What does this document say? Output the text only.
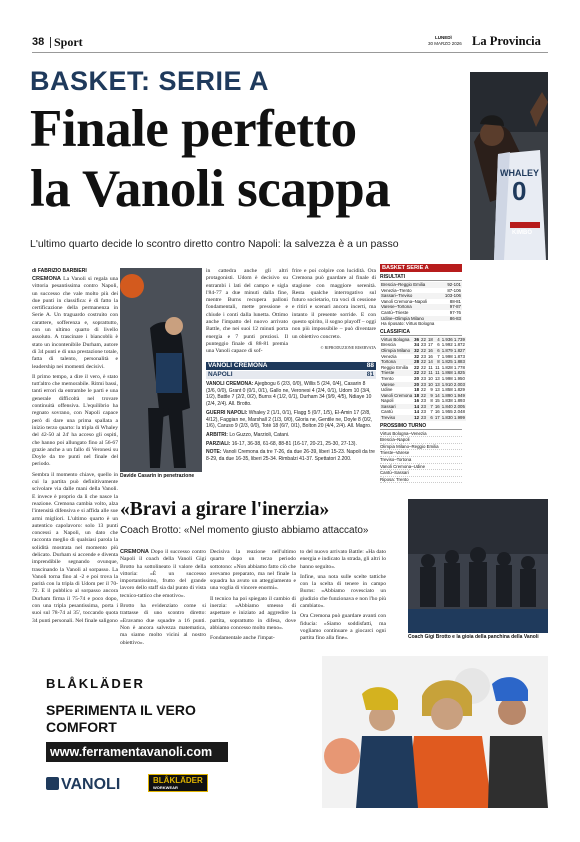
38 Sport	LUNEDÌ
30 MARZO 2026 La Provincia
BASKET: SERIE A
Finale perfetto
la Vanoli scappa
L'ultimo quarto decide lo scontro diretto contro Napoli: la salvezza è a un passo
WHALEY
0
KIMBO
di FABRIZIO BARBIERI

CREMONA La Vanoli si regala una vittoria pesantissima contro Napoli, un successo che vale molto più dei due punti in classifica: è di fatto la certificazione della permanenza in Serie A. Un traguardo costruito con carattere, sofferenza e, soprattutto, con un ultimo quarto di livello assoluto. A trascinare i biancoblù è stato un incontenibile Durham, autore di 34 punti e di una prestazione totale, fatta di talento, personalità e leadership nei momenti decisivi.

Il primo tempo, a dire il vero, è stato tutt'altro che memorabile. Ritmi bassi, tanti errori da entrambe le parti e una generale difficoltà nel trovare continuità offensiva. L'equilibrio ha regnato sovrano, con Napoli capace però di dare una prima spallata a inizio terzo quarto: la tripla di Whaley del 42-50 al 24' ha acceso gli ospiti, che hanno poi allungato fino al 56-67 grazie anche a un fallo di Veronesi su Doyle da tre punti nel finale del periodo.

Sembra il momento chiave, quello in cui la partita può definitivamente scivolare via dalle mani della Vanoli. E invece è proprio da lì che nasce la reazione. Cremona cambia volto, alza l'intensità difensiva e si affida alle sue armi migliori. L'ultimo quarto è un autentico capolavoro: solo 13 punti concessi a Napoli, un dato che racconta meglio di qualsiasi parola la solidità mostrata nel momento più delicato. Durham si accende e diventa imprendibile segnando ovunque, trascinando la Vanoli al sorpasso. La Vanoli torna fino al -2 e poi trova la parità con la tripla di Udom per il 70-72. E il pubblico al sorpasso ancora Durham firma il 75-74 e poco dopo, con una tripla pesantissima, porta i suoi sul 78-74 al 35', toccando quota 34 punti personali. Nel finale saligono

Davide Casarin in penetrazione

in cattedra anche gli altri protagonisti. Udom è decisivo su entrambi i lati del campo e sigla l'84-77 a due minuti dalla fine, mentre Burns recupera palloni fondamentali, mette pressione e chiude i conti dalla lunetta. Ottimo anche l'impatto del nuovo arrivato Battle, che nei suoi 12 minuti porta energia e 7 punti preziosi. Il punteggio finale di 88-81 premia una Vanoli capace di sof-

frire e poi colpire con lucidità. Ora Cremona può guardare al finale di stagione con maggiore serenità. Resta qualche interrogativo sul futuro societario, tra voci di cessione e ritiri e scenari ancora incerti, ma intanto il presente sorride. E con questo spirito, il sogno playoff – oggi non più impossibile – può diventare un obiettivo concreto.

© RIPRODUZIONE RISERVATA

VANOLI CREMONA	88
NAPOLI	81

VANOLI CREMONA: Ajegbogu 6 (2/3, 0/0), Willis 5 (2/4, 0/4), Casarin 8 (3/6, 0/0), Grant 0 (0/1, 0/1), Gallo ne, Veronesi 4 (2/4, 0/1), Udom 10 (3/4, 1/2), Battle 7 (2/2, 0/2), Burns 4 (1/2, 0/1), Durham 34 (9/9, 4/5), Ndiaye 10 (2/4, 2/4). All. Brotto.

GUERRI NAPOLI: Whaley 2 (1/1, 0/1), Flagg 5 (0/7, 1/5), El-Amin 17 (2/8, 4/12), Faggian ne, Marshall 2 (1/3, 0/0), Gloria ne, Gentile ne, Doyle 8 (0/2, 1/6), Caruso 9 (2/3, 0/0), Totè 18 (6/7, 0/1), Bolton 20 (4/4, 2/4). All. Magro.

ARBITRI: Lo Guzzo, Marzioli, Catani.

PARZIALI: 16-17, 36-38, 61-68, 88-81 (16-17, 20-21, 25-30, 27-13).

NOTE: Vanoli Cremona da tre 7-26, da due 26-39, liberi 15-23. Napoli da tre 8-29, da due 16-35, liberi 25-34. Rimbalzi 41-37. Spettatori 2.200.

BASKET SERIE A
RISULTATI
Brescia–Reggio Emilia	92-101
Venezia–Trento	87-106
Sassari–Treviso	103-106
Vanoli Cremona–Napoli	88-81
Varese–Tortona	97-87
Cantù–Trieste	97-76
Udine–Olimpia Milano	86-83
Ha riposato: Virtus Bologna	
CLASSIFICA
Virtus Bologna	36	22	18	4	1.936 1.739
Brescia	34	23	17	6	1.992 1.872
Olimpia Milano	32	22	16	6	1.879 1.827
Venezia	32	23	16	7	1.998 1.873
Tortona	28	22	14	8	1.825 1.883
Reggio Emilia	22	22	11	11	1.828 1.778
Trieste	22	22	11	11	1.868 1.825
Trento	20	23	10	13	1.998 1.950
Varese	20	23	10	13	1.910 2.003
Udine	18	22	9	13	1.858 1.829
Vanoli Cremona	18	22	9	14	1.890 1.949
Napoli	16	23	8	15	1.838 1.893
Sassari	14	23	7	16	1.840 2.005
Cantù	14	23	7	16	1.955 2.048
Treviso	12	23	6	17	1.830 1.999
PROSSIMO TURNO
Virtus Bologna–Venezia
Brescia–Napoli
Olimpia Milano–Reggio Emilia
Trieste–Varese
Treviso–Tortona
Vanoli Cremona–Udine
Cantù–Sassari
Riposa: Trento
«Bravi a girare l'inerzia»
Coach Brotto: «Nel momento giusto abbiamo attaccato»

CREMONA Dopo il successo contro Napoli il coach della Vanoli Gigi Brotto ha sottolineato il valore della vittoria: «È un successo importantissimo, frutto del grande lavoro dello staff sia dal punto di vista tecnico-tattico che emotivo».

Brotto ha evidenziato come si trattasse di uno scontro diretto: «Eravamo due squadre a 16 punti. Non è ancora salvezza matematica, ma siamo molto vicini al nostro obiettivo».

Decisiva la reazione nell'ultimo quarto dopo un terzo periodo sottotono: «Non abbiamo fatto ciò che avevamo preparato, ma nel finale la squadra ha avuto un atteggiamento e una voglia di vincere enormi».

Il tecnico ha poi spiegato il cambio di inerzia: «Abbiamo smesso di aspettare e iniziato ad aggredire la partita, soprattutto in difesa, dove abbiamo concesso molto meno».

Fondamentale anche l'impat-

to del nuovo arrivato Battle: «Ha dato energia e indicato la strada, gli altri lo hanno seguito».

Infine, una nota sulle scelte tattiche con la scelta di tenere in campo Burns: «Abbiamo rovesciato un giudizio che funzionava e non l'ho più cambiato».

Ora Cremona può guardare avanti con fiducia: «Siamo soddisfatti, ma vogliamo continuare a giocarci ogni partita fino alla fine».	Coach Gigi Brotto e la gioia della panchina della Vanoli
BLÅKLÄDER
SPERIMENTA IL VERO
COMFORT
www.ferramentavanoli.com
VANOLI	BLÅKLÄDER
WORKWEAR
